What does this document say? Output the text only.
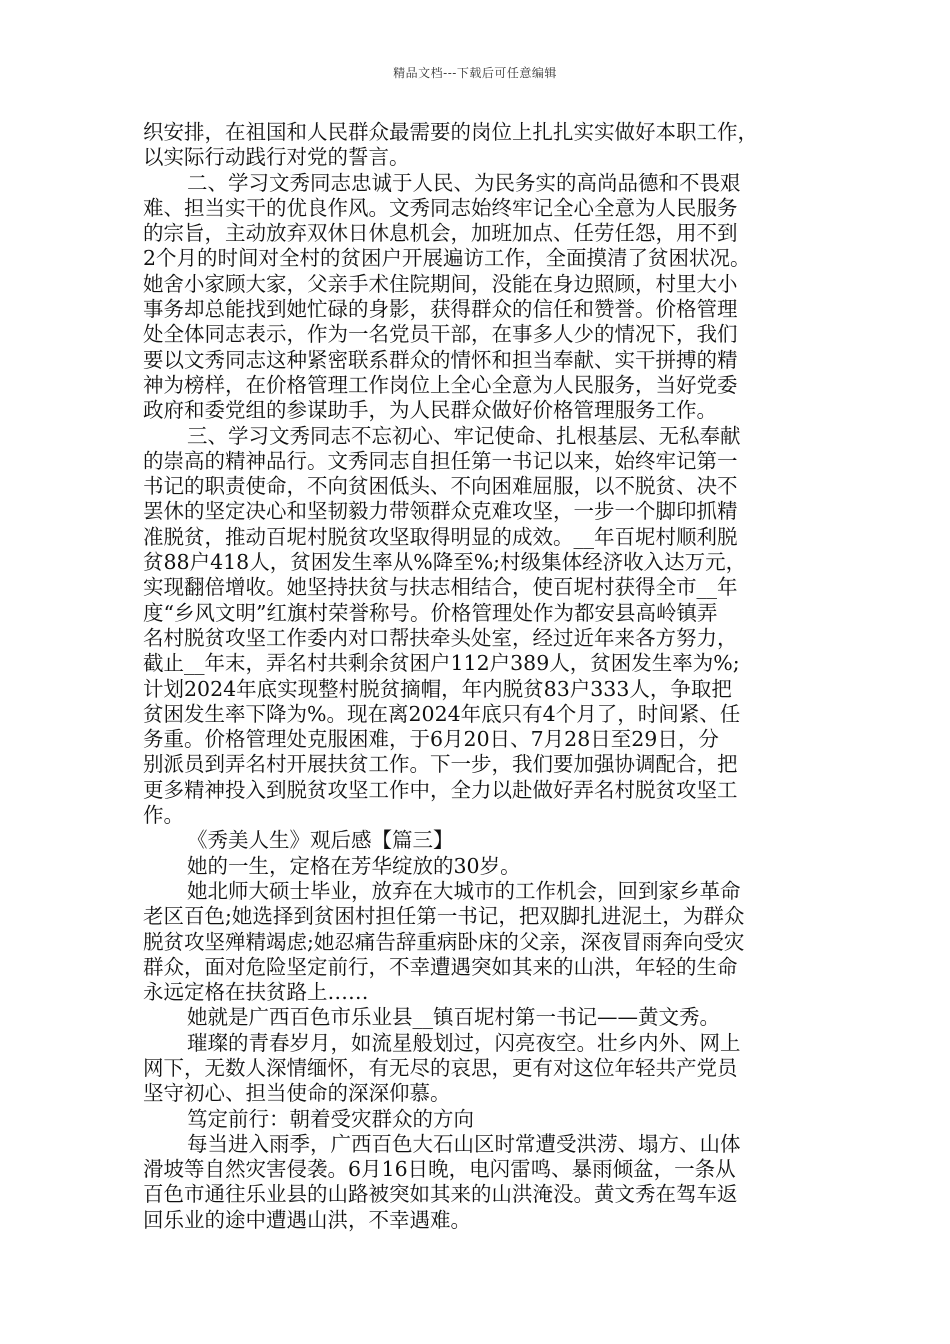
精品文档---下载后可任意编辑
织安排，在祖国和人民群众最需要的岗位上扎扎实实做好本职工作，
以实际行动践行对党的誓言。
二、学习文秀同志忠诚于人民、为民务实的高尚品德和不畏艰
难、担当实干的优良作风。文秀同志始终牢记全心全意为人民服务
的宗旨，主动放弃双休日休息机会，加班加点、任劳任怨，用不到
2个月的时间对全村的贫困户开展遍访工作，全面摸清了贫困状况。
她舍小家顾大家，父亲手术住院期间，没能在身边照顾，村里大小
事务却总能找到她忙碌的身影，获得群众的信任和赞誉。价格管理
处全体同志表示，作为一名党员干部，在事多人少的情况下，我们
要以文秀同志这种紧密联系群众的情怀和担当奉献、实干拼搏的精
神为榜样，在价格管理工作岗位上全心全意为人民服务，当好党委
政府和委党组的参谋助手，为人民群众做好价格管理服务工作。
三、学习文秀同志不忘初心、牢记使命、扎根基层、无私奉献
的崇高的精神品行。文秀同志自担任第一书记以来，始终牢记第一
书记的职责使命，不向贫困低头、不向困难屈服，以不脱贫、决不
罢休的坚定决心和坚韧毅力带领群众克难攻坚，一步一个脚印抓精
准脱贫，推动百坭村脱贫攻坚取得明显的成效。__年百坭村顺利脱
贫88户418人，贫困发生率从%降至%;村级集体经济收入达万元，
实现翻倍增收。她坚持扶贫与扶志相结合，使百坭村获得全市__年
度“乡风文明”红旗村荣誉称号。价格管理处作为都安县高岭镇弄
名村脱贫攻坚工作委内对口帮扶牵头处室，经过近年来各方努力，
截止__年末，弄名村共剩余贫困户112户389人，贫困发生率为%;
计划2024年底实现整村脱贫摘帽，年内脱贫83户333人，争取把
贫困发生率下降为%。现在离2024年底只有4个月了，时间紧、任
务重。价格管理处克服困难，于6月20日、7月28日至29日，分
别派员到弄名村开展扶贫工作。下一步，我们要加强协调配合，把
更多精神投入到脱贫攻坚工作中，全力以赴做好弄名村脱贫攻坚工
作。
《秀美人生》观后感【篇三】
她的一生，定格在芳华绽放的30岁。
她北师大硕士毕业，放弃在大城市的工作机会，回到家乡革命
老区百色;她选择到贫困村担任第一书记，把双脚扎进泥土，为群众
脱贫攻坚殚精竭虑;她忍痛告辞重病卧床的父亲，深夜冒雨奔向受灾
群众，面对危险坚定前行，不幸遭遇突如其来的山洪，年轻的生命
永远定格在扶贫路上……
她就是广西百色市乐业县__镇百坭村第一书记——黄文秀。
璀璨的青春岁月，如流星般划过，闪亮夜空。壮乡内外、网上
网下，无数人深情缅怀，有无尽的哀思，更有对这位年轻共产党员
坚守初心、担当使命的深深仰慕。
笃定前行：朝着受灾群众的方向
每当进入雨季，广西百色大石山区时常遭受洪涝、塌方、山体
滑坡等自然灾害侵袭。6月16日晚，电闪雷鸣、暴雨倾盆，一条从
百色市通往乐业县的山路被突如其来的山洪淹没。黄文秀在驾车返
回乐业的途中遭遇山洪，不幸遇难。
